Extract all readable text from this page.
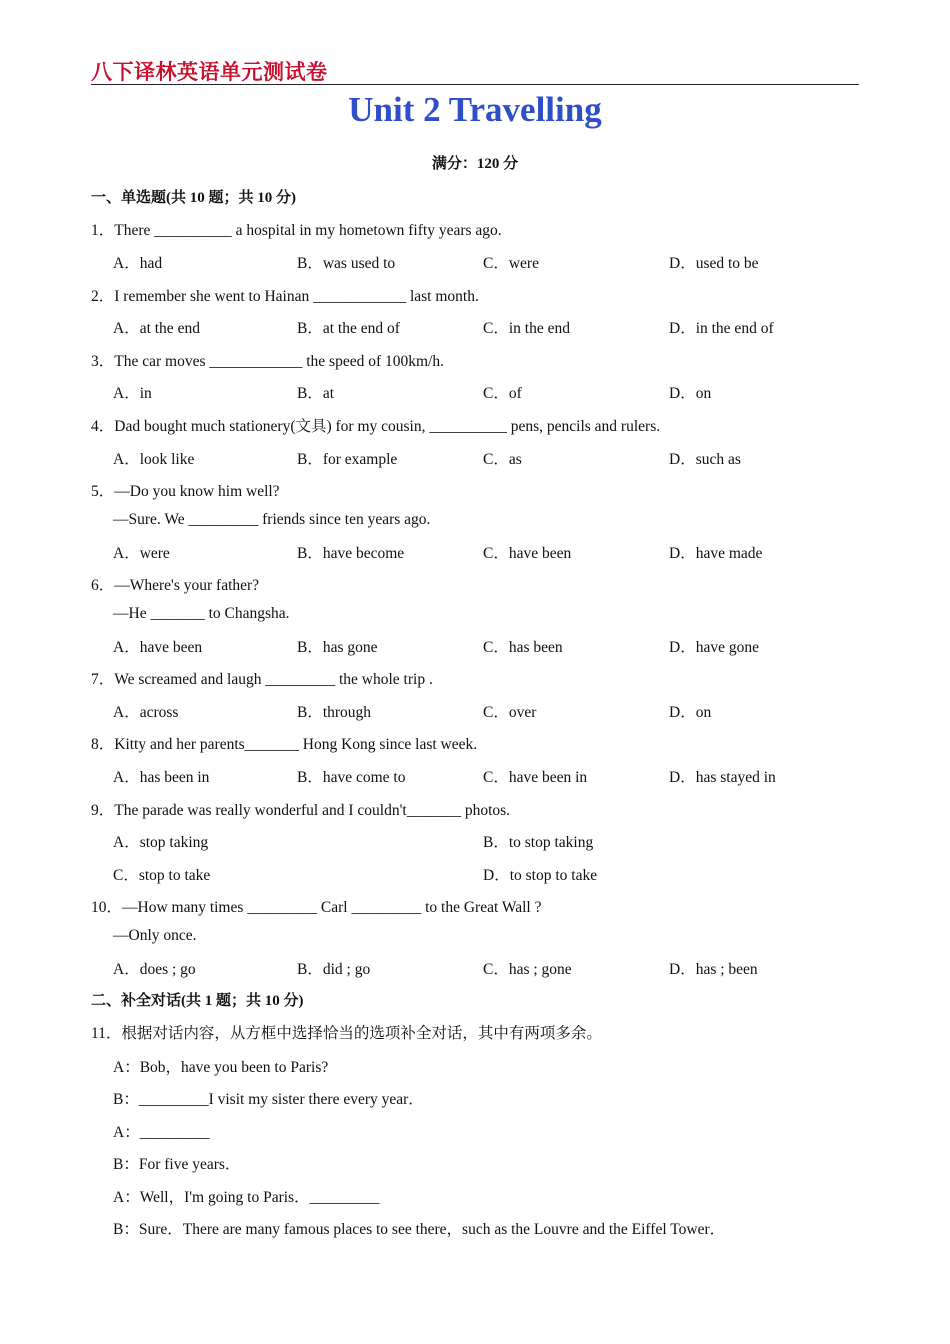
八下译林英语单元测试卷
Unit 2 Travelling
满分：120 分
一、单选题(共 10 题；共 10 分)
1．There __________ a hospital in my hometown fifty years ago.
A．had	B．was used to	C．were	D．used to be
2．I remember she went to Hainan ____________ last month.
A．at the end	B．at the end of	C．in the end	D．in the end of
3．The car moves ____________ the speed of 100km/h.
A．in	B．at	C．of	D．on
4．Dad bought much stationery(文具) for my cousin, __________ pens, pencils and rulers.
A．look like	B．for example	C．as	D．such as
5．—Do you know him well?
—Sure. We _________ friends since ten years ago.
A．were	B．have become	C．have been	D．have made
6．—Where's your father?
—He _______ to Changsha.
A．have been	B．has gone	C．has been	D．have gone
7．We screamed and laugh _________ the whole trip .
A．across	B．through	C．over	D．on
8．Kitty and her parents_______ Hong Kong since last week.
A．has been in	B．have come to	C．have been in	D．has stayed in
9．The parade was really wonderful and I couldn't_______ photos.
A．stop taking	B．to stop taking
C．stop to take	D．to stop to take
10．—How many times _________ Carl _________ to the Great Wall ?
—Only once.
A．does ; go	B．did ; go	C．has ; gone	D．has ; been
二、补全对话(共 1 题；共 10 分)
11．根据对话内容，从方框中选择恰当的选项补全对话，其中有两项多余。
A：Bob，have you been to Paris?
B：_________I visit my sister there every year．
A：_________
B：For five years．
A：Well，I'm going to Paris．_________
B：Sure．There are many famous places to see there，such as the Louvre and the Eiffel Tower．
